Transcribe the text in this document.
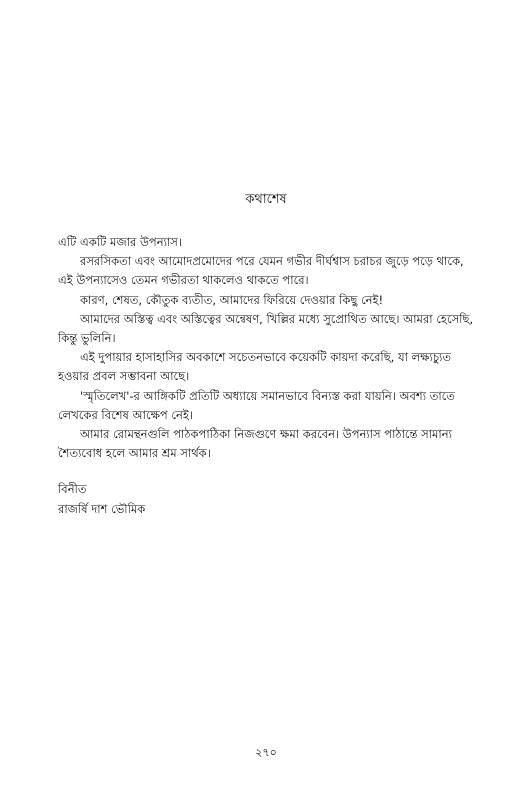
কথাশেষ

এটি একটি মজার উপন্যাস।

রসরসিকতা এবং আমোদপ্রমোদের পরে যেমন গভীর দীর্ঘশ্বাস চরাচর জুড়ে পড়ে থাকে, এই উপন্যাসেও তেমন গভীরতা থাকলেও থাকতে পারে।

কারণ, শেষত, কৌতুক ব্যতীত, আমাদের ফিরিয়ে দেওয়ার কিছু নেই!

আমাদের অস্তিত্ব এবং অস্তিত্বের অন্বেষণ, খিল্লির মধ্যে সুপ্রোথিত আছে। আমরা হেসেছি, কিন্তু ভুলিনি।

এই দুপায়ার হাসাহাসির অবকাশে সচেতনভাবে কয়েকটি কায়দা করেছি, যা লক্ষ্যচ্যুত হওয়ার প্রবল সম্ভাবনা আছে।

'স্মৃতিলেখ'-র আঙ্গিকটি প্রতিটি অধ্যায়ে সমানভাবে বিন্যস্ত করা যায়নি। অবশ্য তাতে লেখকের বিশেষ আক্ষেপ নেই।

আমার রোমন্থনগুলি পাঠকপাঠিকা নিজগুণে ক্ষমা করবেন। উপন্যাস পাঠান্তে সামান্য শৈত্যবোধ হলে আমার শ্রম সার্থক।

বিনীত
রাজর্ষি দাশ ভৌমিক
২৭০
